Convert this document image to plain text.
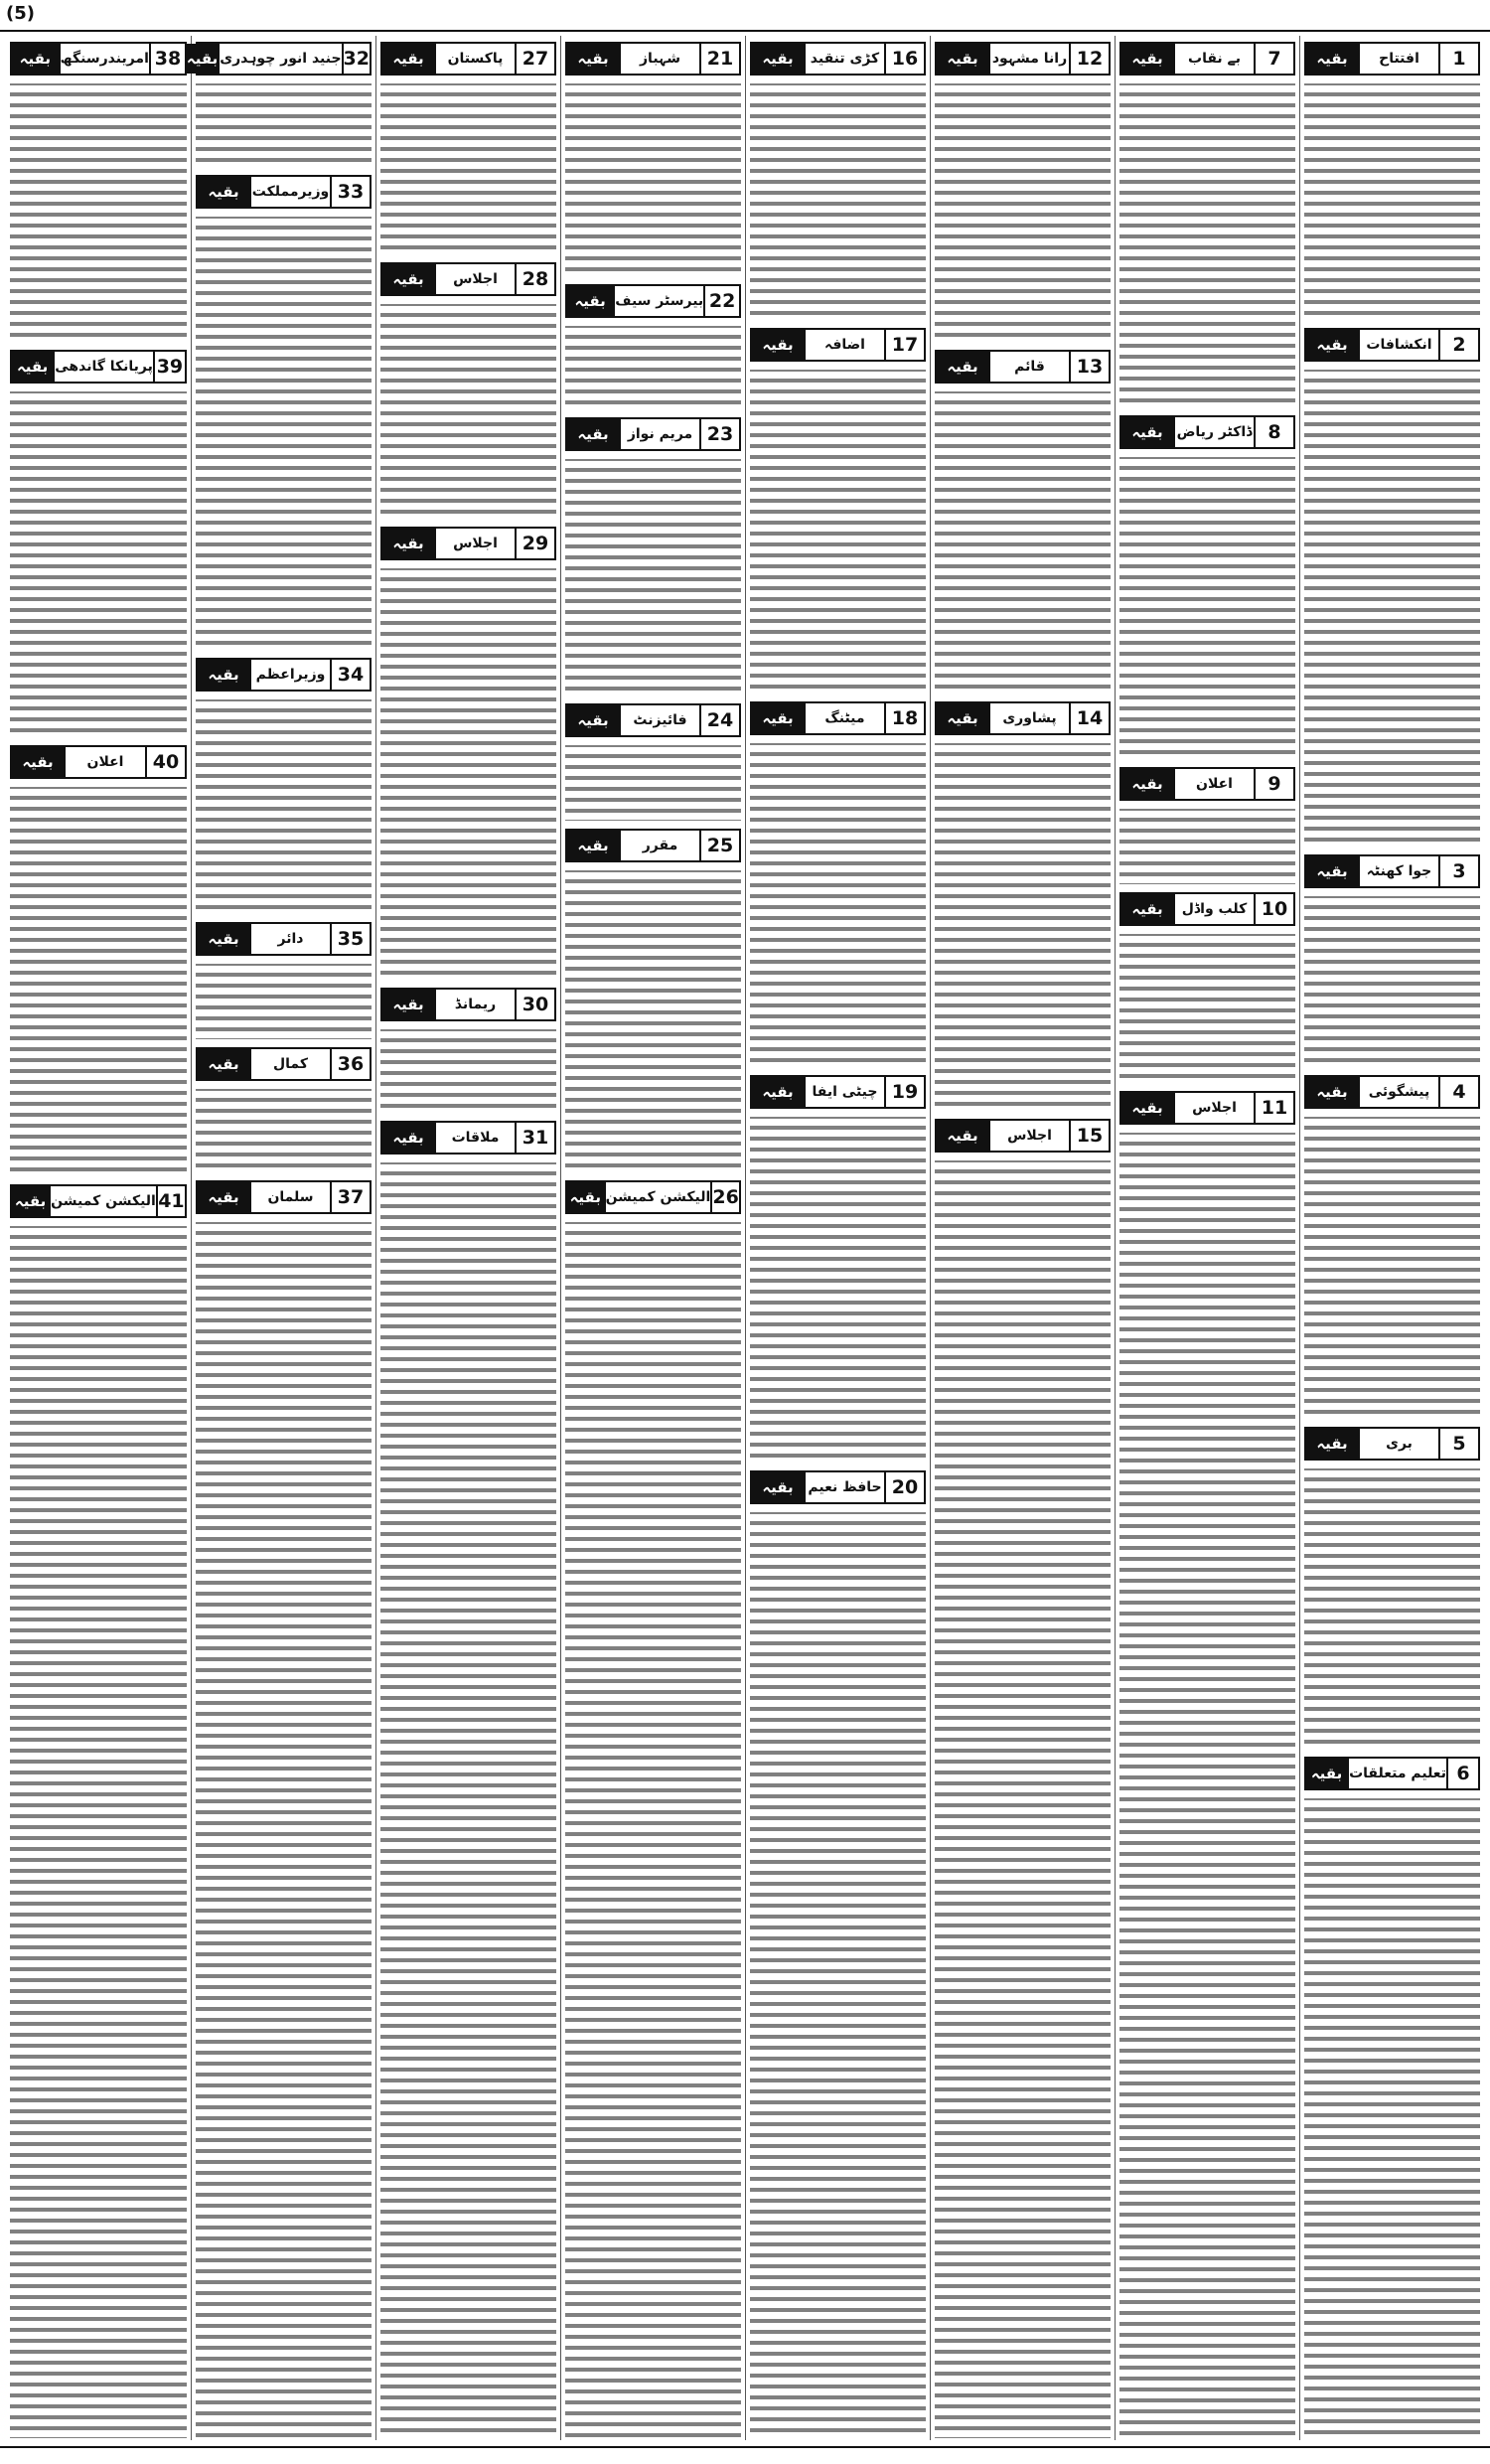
(5)
1
افتتاح
بقیہ
2
انکشافات
بقیہ
3
جوا کھنٹہ
بقیہ
4
پیشگوئی
بقیہ
5
بری
بقیہ
6
تعلیم متعلقات
بقیہ
7
بے نقاب
بقیہ
8
ڈاکٹر ریاض
بقیہ
9
اعلان
بقیہ
10
کلب واڈل
بقیہ
11
اجلاس
بقیہ
12
رانا مشہود
بقیہ
13
قائم
بقیہ
14
پشاوری
بقیہ
15
اجلاس
بقیہ
16
کڑی تنقید
بقیہ
17
اضافہ
بقیہ
18
میٹنگ
بقیہ
19
چیٹی ایفا
بقیہ
20
حافظ نعیم
بقیہ
21
شہباز
بقیہ
22
بیرسٹر سیف
بقیہ
23
مریم نواز
بقیہ
24
فائیزنٹ
بقیہ
25
مقرر
بقیہ
26
الیکشن کمیشن
بقیہ
27
پاکستان
بقیہ
28
اجلاس
بقیہ
29
اجلاس
بقیہ
30
ریمانڈ
بقیہ
31
ملاقات
بقیہ
32
جنید انور چوہدری
بقیہ
33
وزیرمملکت
بقیہ
34
وزیراعظم
بقیہ
35
دائر
بقیہ
36
کمال
بقیہ
37
سلمان
بقیہ
38
امریندرسنگھ
بقیہ
39
پریانکا گاندھی
بقیہ
40
اعلان
بقیہ
41
الیکشن کمیشن
بقیہ
